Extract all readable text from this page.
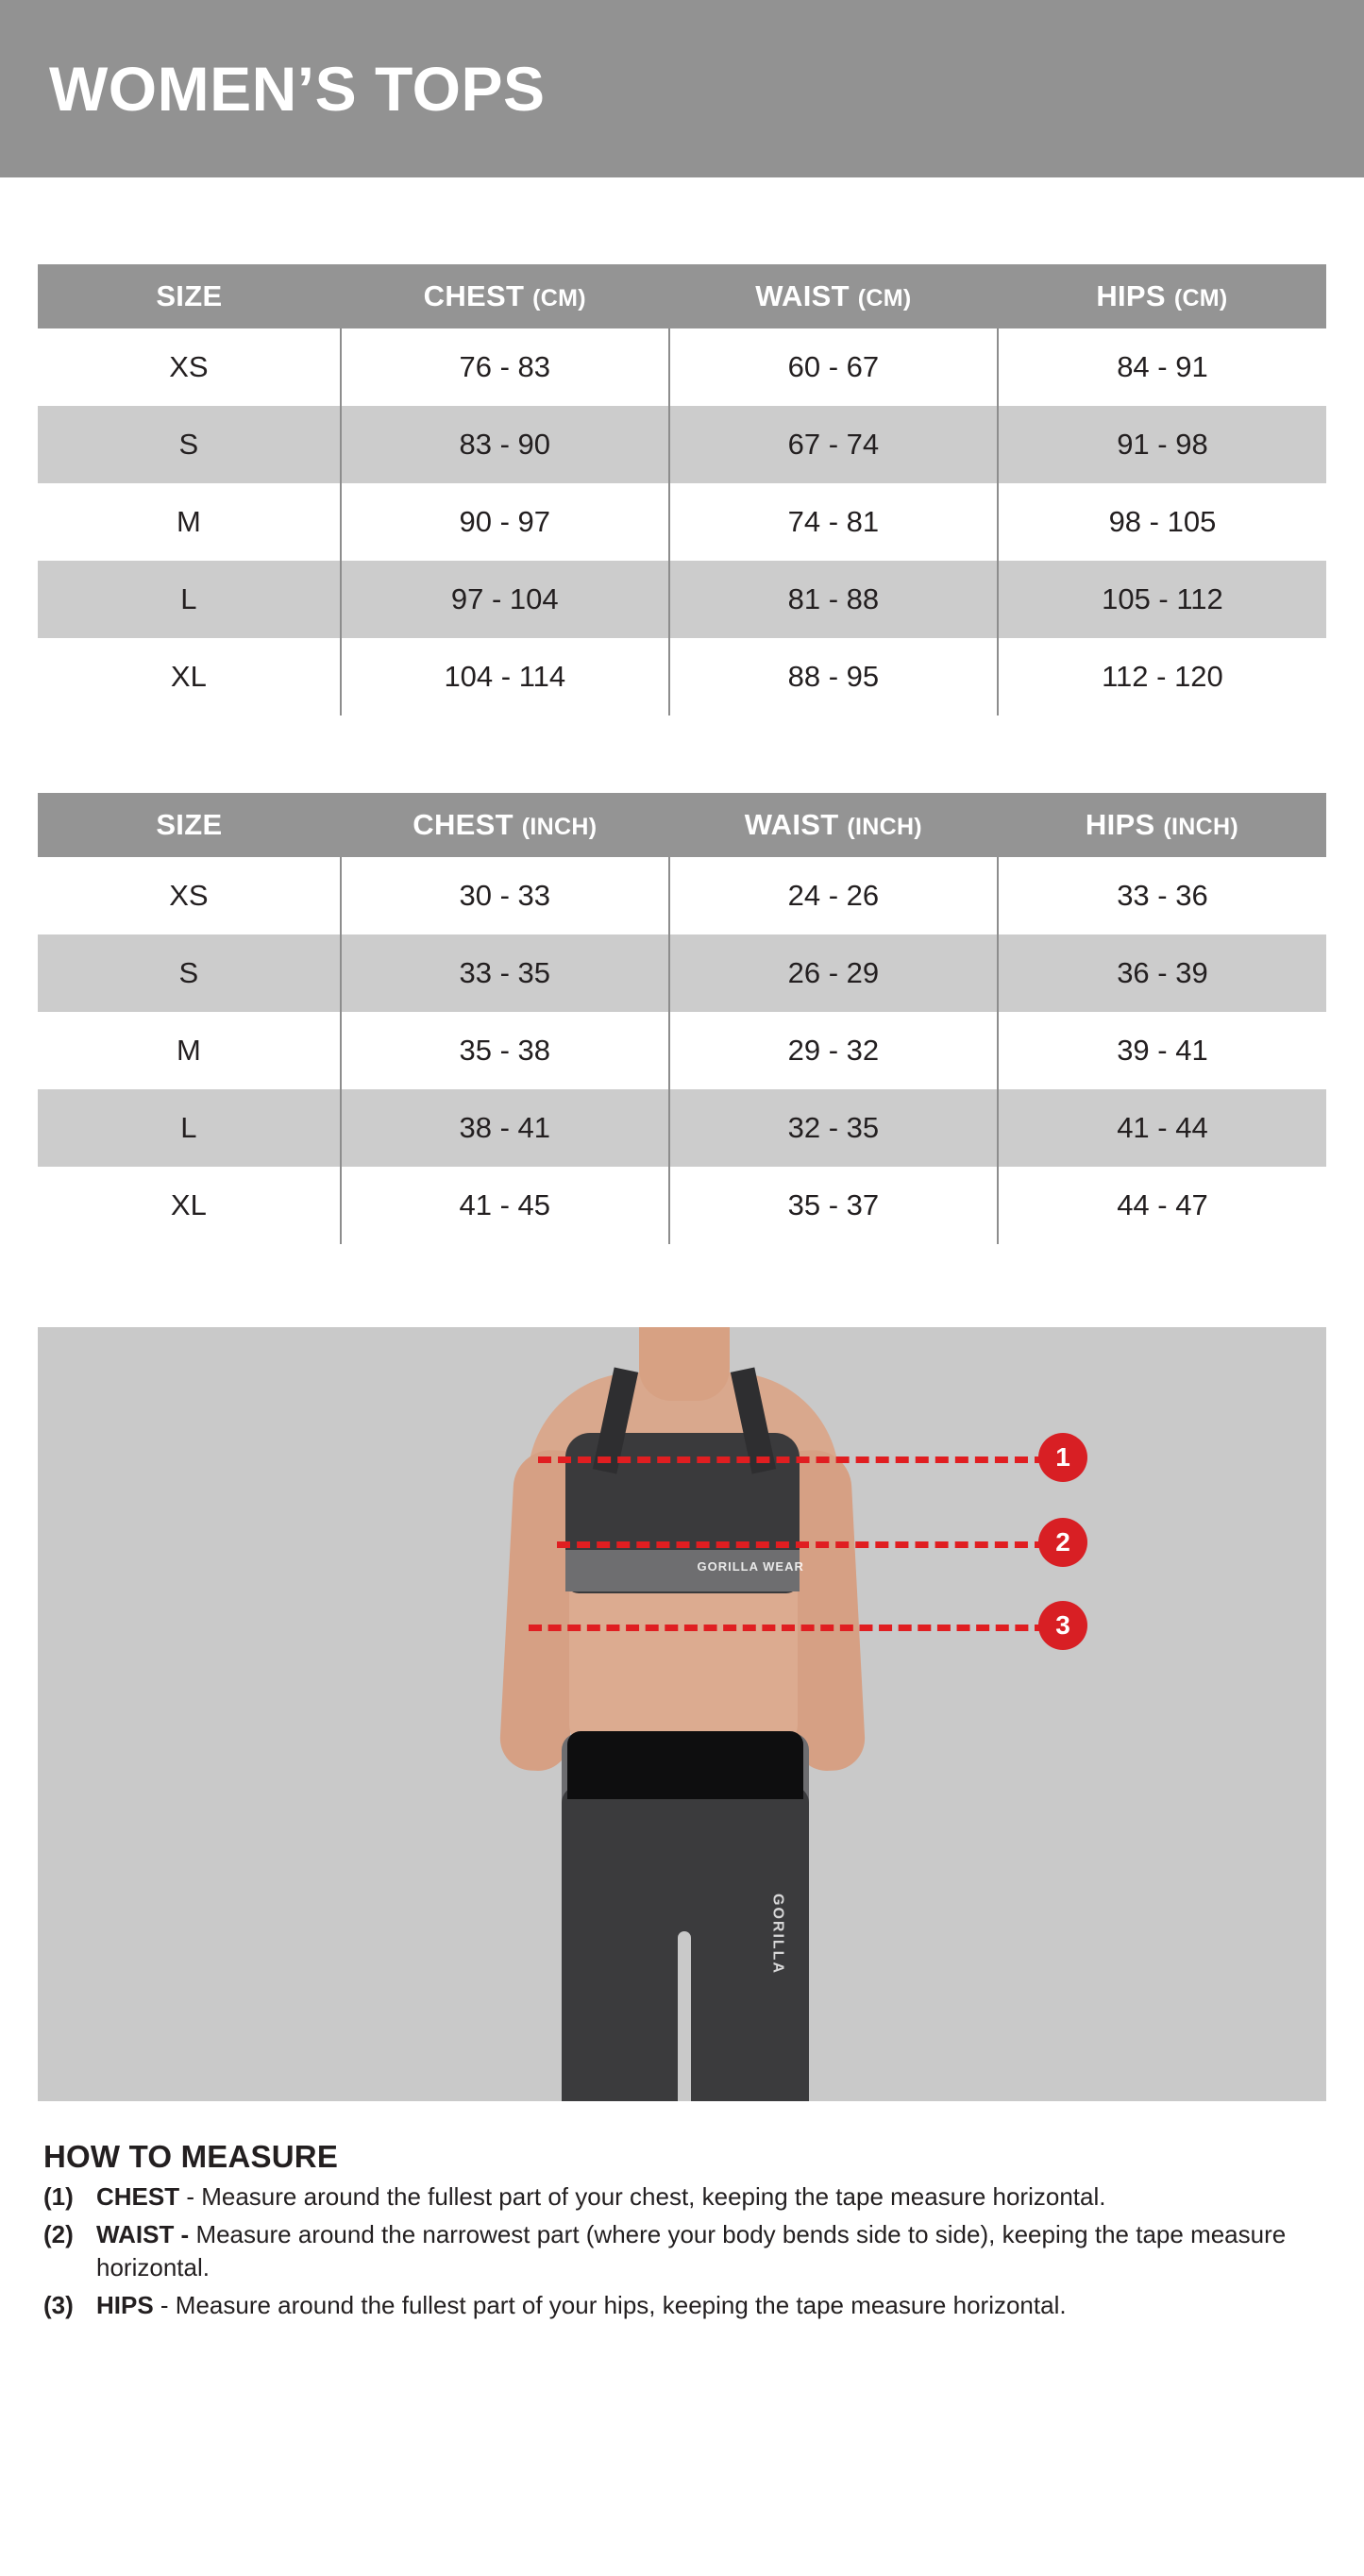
WOMEN’S TOPS
SIZE	CHEST (CM)	WAIST (CM)	HIPS (CM)
XS	76 - 83	60 - 67	84 - 91
S	83 - 90	67 - 74	91 - 98
M	90 - 97	74 - 81	98 - 105
L	97 - 104	81 - 88	105 - 112
XL	104 - 114	88 - 95	112 - 120
SIZE	CHEST (INCH)	WAIST (INCH)	HIPS (INCH)
XS	30 - 33	24 - 26	33 - 36
S	33 - 35	26 - 29	36 - 39
M	35 - 38	29 - 32	39 - 41
L	38 - 41	32 - 35	41 - 44
XL	41 - 45	35 - 37	44 - 47
GORILLA WEAR
GORILLA
1
2
3
HOW TO MEASURE
(1) CHEST - Measure around the fullest part of your chest, keeping the tape measure horizontal.
(2) WAIST - Measure around the narrowest part (where your body bends side to side), keeping the tape measure horizontal.
(3) HIPS - Measure around the fullest part of your hips, keeping the tape measure horizontal.
